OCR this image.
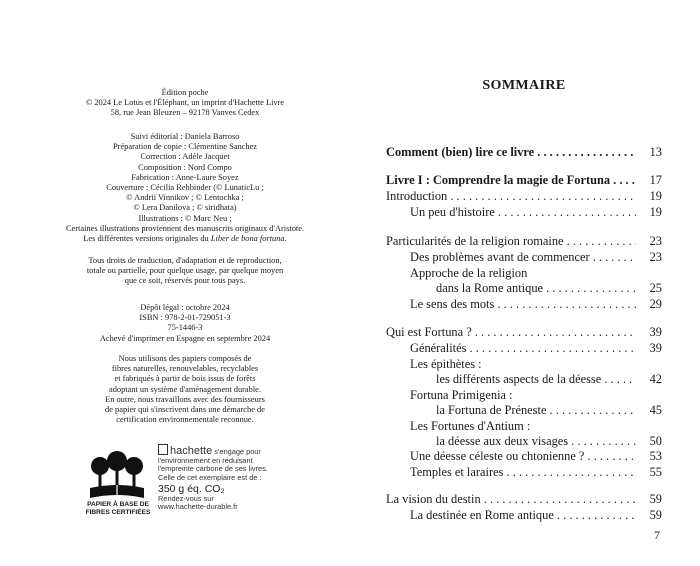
Édition poche
© 2024 Le Lotus et l'Éléphant, un imprint d'Hachette Livre
58, rue Jean Bleuzen – 92178 Vanves Cedex
Suivi éditorial : Daniela Barroso
Préparation de copie : Clémentine Sanchez
Correction : Adèle Jacquet
Composition : Nord Compo
Fabrication : Anne-Laure Soyez
Couverture : Cécilia Rehbinder (© LunaticLu ;
© Andrii Vinnikov ; © Lentochka ;
© Lera Danilova ; © siridhata)
Illustrations : © Marc Neu ;
Certaines illustrations proviennent des manuscrits originaux d'Aristote.
Les différentes versions originales du Liber de bona fortuna.
Tous droits de traduction, d'adaptation et de reproduction,
totale ou partielle, pour quelque usage, par quelque moyen
que ce soit, réservés pour tous pays.
Dépôt légal : octobre 2024
ISBN : 978-2-01-729051-3
75-1446-3
Achevé d'imprimer en Espagne en septembre 2024
Nous utilisons des papiers composés de
fibres naturelles, renouvelables, recyclables
et fabriqués à partir de bois issus de forêts
adoptant un système d'aménagement durable.
En outre, nous travaillons avec des fournisseurs
de papier qui s'inscrivent dans une démarche de
certification environnementale reconnue.
PAPIER À BASE DE
FIBRES CERTIFIÉES
hachette s'engage pour
l'environnement en réduisant
l'empreinte carbone de ses livres.
Celle de cet exemplaire est de :
350 g éq. CO₂
Rendez-vous sur
www.hachette-durable.fr
SOMMAIRE
Comment (bien) lire ce livre . . .	13
Livre I : Comprendre la magie de Fortuna . . .	17
Introduction . . .	19
Un peu d'histoire . . .	19
Particularités de la religion romaine . . .	23
Des problèmes avant de commencer . . .	23
Approche de la religion
dans la Rome antique . . .	25
Le sens des mots . . .	29
Qui est Fortuna ? . . .	39
Généralités . . .	39
Les épithètes :
les différents aspects de la déesse . . .	42
Fortuna Primigenia :
la Fortuna de Préneste . . .	45
Les Fortunes d'Antium :
la déesse aux deux visages . . .	50
Une déesse céleste ou chtonienne ? . . .	53
Temples et laraires . . .	55
La vision du destin . . .	59
La destinée en Rome antique . . .	59
7
